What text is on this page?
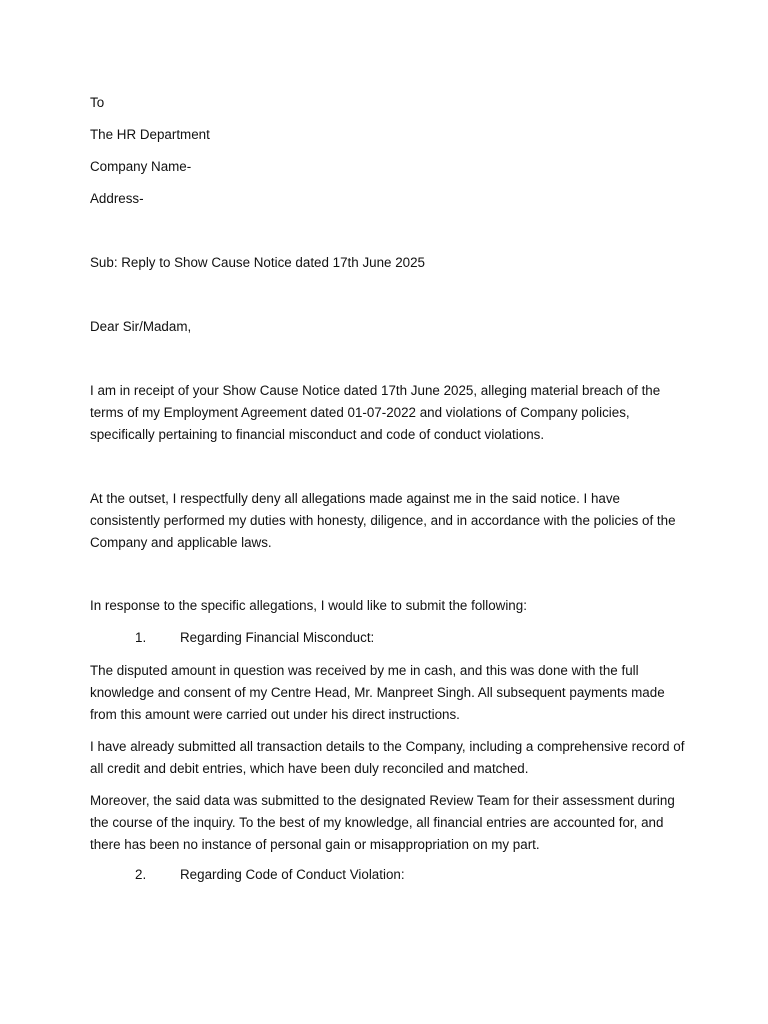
To
The HR Department
Company Name-
Address-
Sub: Reply to Show Cause Notice dated 17th June 2025
Dear Sir/Madam,
I am in receipt of your Show Cause Notice dated 17th June 2025, alleging material breach of the terms of my Employment Agreement dated 01-07-2022 and violations of Company policies, specifically pertaining to financial misconduct and code of conduct violations.
At the outset, I respectfully deny all allegations made against me in the said notice. I have consistently performed my duties with honesty, diligence, and in accordance with the policies of the Company and applicable laws.
In response to the specific allegations, I would like to submit the following:
1.	Regarding Financial Misconduct:
The disputed amount in question was received by me in cash, and this was done with the full knowledge and consent of my Centre Head, Mr. Manpreet Singh. All subsequent payments made from this amount were carried out under his direct instructions.
I have already submitted all transaction details to the Company, including a comprehensive record of all credit and debit entries, which have been duly reconciled and matched.
Moreover, the said data was submitted to the designated Review Team for their assessment during the course of the inquiry. To the best of my knowledge, all financial entries are accounted for, and there has been no instance of personal gain or misappropriation on my part.
2.	Regarding Code of Conduct Violation:
